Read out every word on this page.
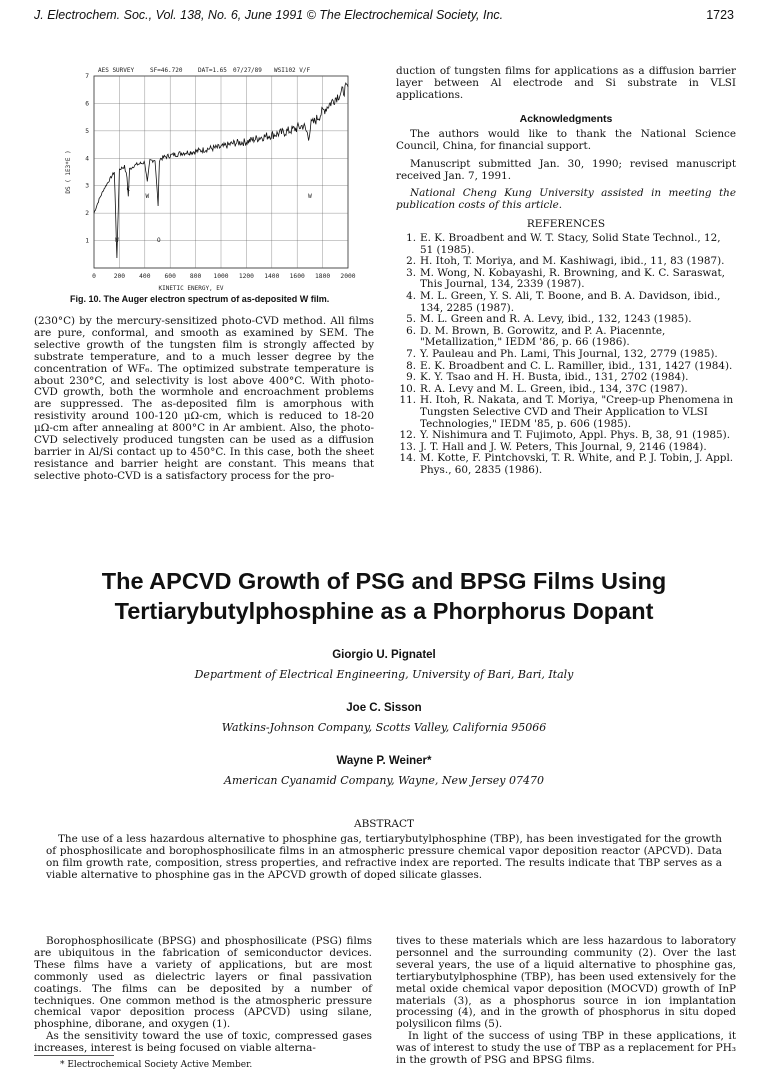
J. Electrochem. Soc., Vol. 138, No. 6, June 1991 © The Electrochemical Society, Inc.	1723
AES SURVEY	SF=46.720	DAT=1.65 07/27/89 WSI102 V/F
0	200 400 600 800 1000 1200 1400 1600 1800 2000
1
2
3
4
5
6
7
KINETIC ENERGY, EV
DS ( 1E3*E )
W
C
W
O
W
Fig. 10. The Auger electron spectrum of as-deposited W film.
(230°C) by the mercury-sensitized photo-CVD method. All films are pure, conformal, and smooth as examined by SEM. The selective growth of the tungsten film is strongly affected by substrate temperature, and to a much lesser degree by the concentration of WF₆. The optimized substrate temperature is about 230°C, and selectivity is lost above 400°C. With photo-CVD growth, both the wormhole and encroachment problems are suppressed. The as-deposited film is amorphous with resistivity around 100-120 μΩ-cm, which is reduced to 18-20 μΩ-cm after annealing at 800°C in Ar ambient. Also, the photo-CVD selectively produced tungsten can be used as a diffusion barrier in Al/Si contact up to 450°C. In this case, both the sheet resistance and barrier height are constant. This means that selective photo-CVD is a satisfactory process for the pro-
duction of tungsten films for applications as a diffusion barrier layer between Al electrode and Si substrate in VLSI applications.
Acknowledgments
The authors would like to thank the National Science Council, China, for financial support.
Manuscript submitted Jan. 30, 1990; revised manuscript received Jan. 7, 1991.
National Cheng Kung University assisted in meeting the publication costs of this article.
REFERENCES
1. E. K. Broadbent and W. T. Stacy, Solid State Technol., 12, 51 (1985).
2. H. Itoh, T. Moriya, and M. Kashiwagi, ibid., 11, 83 (1987).
3. M. Wong, N. Kobayashi, R. Browning, and K. C. Saraswat, This Journal, 134, 2339 (1987).
4. M. L. Green, Y. S. Ali, T. Boone, and B. A. Davidson, ibid., 134, 2285 (1987).
5. M. L. Green and R. A. Levy, ibid., 132, 1243 (1985).
6. D. M. Brown, B. Gorowitz, and P. A. Piacennte, "Metallization," IEDM '86, p. 66 (1986).
7. Y. Pauleau and Ph. Lami, This Journal, 132, 2779 (1985).
8. E. K. Broadbent and C. L. Ramiller, ibid., 131, 1427 (1984).
9. K. Y. Tsao and H. H. Busta, ibid., 131, 2702 (1984).
10. R. A. Levy and M. L. Green, ibid., 134, 37C (1987).
11. H. Itoh, R. Nakata, and T. Moriya, "Creep-up Phenomena in Tungsten Selective CVD and Their Application to VLSI Technologies," IEDM '85, p. 606 (1985).
12. Y. Nishimura and T. Fujimoto, Appl. Phys. B, 38, 91 (1985).
13. J. T. Hall and J. W. Peters, This Journal, 9, 2146 (1984).
14. M. Kotte, F. Pintchovski, T. R. White, and P. J. Tobin, J. Appl. Phys., 60, 2835 (1986).
The APCVD Growth of PSG and BPSG Films Using
Tertiarybutylphosphine as a Phorphorus Dopant
Giorgio U. Pignatel
Department of Electrical Engineering, University of Bari, Bari, Italy
Joe C. Sisson
Watkins-Johnson Company, Scotts Valley, California 95066
Wayne P. Weiner*
American Cyanamid Company, Wayne, New Jersey 07470
ABSTRACT
The use of a less hazardous alternative to phosphine gas, tertiarybutylphosphine (TBP), has been investigated for the growth of phosphosilicate and borophosphosilicate films in an atmospheric pressure chemical vapor deposition reactor (APCVD). Data on film growth rate, composition, stress properties, and refractive index are reported. The results indicate that TBP serves as a viable alternative to phosphine gas in the APCVD growth of doped silicate glasses.
Borophosphosilicate (BPSG) and phosphosilicate (PSG) films are ubiquitous in the fabrication of semiconductor devices. These films have a variety of applications, but are most commonly used as dielectric layers or final passivation coatings. The films can be deposited by a number of techniques. One common method is the atmospheric pressure chemical vapor deposition process (APCVD) using silane, phosphine, diborane, and oxygen (1).
As the sensitivity toward the use of toxic, compressed gases increases, interest is being focused on viable alterna-
tives to these materials which are less hazardous to laboratory personnel and the surrounding community (2). Over the last several years, the use of a liquid alternative to phosphine gas, tertiarybutylphosphine (TBP), has been used extensively for the metal oxide chemical vapor deposition (MOCVD) growth of InP materials (3), as a phosphorus source in ion implantation processing (4), and in the growth of phosphorus in situ doped polysilicon films (5).
In light of the success of using TBP in these applications, it was of interest to study the use of TBP as a replacement for PH₃ in the growth of PSG and BPSG films.
* Electrochemical Society Active Member.
